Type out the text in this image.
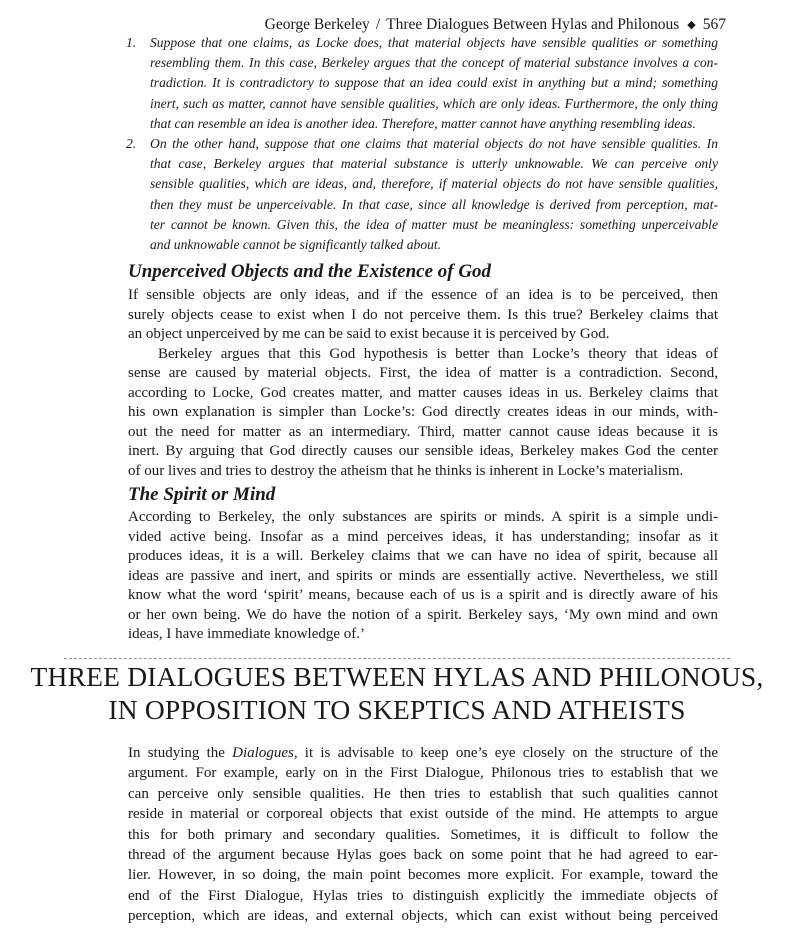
George Berkeley / Three Dialogues Between Hylas and Philonous ◆ 567
1. Suppose that one claims, as Locke does, that material objects have sensible qualities or something
resembling them. In this case, Berkeley argues that the concept of material substance involves a con-
tradiction. It is contradictory to suppose that an idea could exist in anything but a mind; something
inert, such as matter, cannot have sensible qualities, which are only ideas. Furthermore, the only thing
that can resemble an idea is another idea. Therefore, matter cannot have anything resembling ideas.
2. On the other hand, suppose that one claims that material objects do not have sensible qualities. In
that case, Berkeley argues that material substance is utterly unknowable. We can perceive only
sensible qualities, which are ideas, and, therefore, if material objects do not have sensible qualities,
then they must be unperceivable. In that case, since all knowledge is derived from perception, mat-
ter cannot be known. Given this, the idea of matter must be meaningless: something unperceivable
and unknowable cannot be significantly talked about.
Unperceived Objects and the Existence of God
If sensible objects are only ideas, and if the essence of an idea is to be perceived, then
surely objects cease to exist when I do not perceive them. Is this true? Berkeley claims that
an object unperceived by me can be said to exist because it is perceived by God.
Berkeley argues that this God hypothesis is better than Locke’s theory that ideas of
sense are caused by material objects. First, the idea of matter is a contradiction. Second,
according to Locke, God creates matter, and matter causes ideas in us. Berkeley claims that
his own explanation is simpler than Locke’s: God directly creates ideas in our minds, with-
out the need for matter as an intermediary. Third, matter cannot cause ideas because it is
inert. By arguing that God directly causes our sensible ideas, Berkeley makes God the center
of our lives and tries to destroy the atheism that he thinks is inherent in Locke’s materialism.
The Spirit or Mind
According to Berkeley, the only substances are spirits or minds. A spirit is a simple undi-
vided active being. Insofar as a mind perceives ideas, it has understanding; insofar as it
produces ideas, it is a will. Berkeley claims that we can have no idea of spirit, because all
ideas are passive and inert, and spirits or minds are essentially active. Nevertheless, we still
know what the word ‘spirit’ means, because each of us is a spirit and is directly aware of his
or her own being. We do have the notion of a spirit. Berkeley says, ‘My own mind and own
ideas, I have immediate knowledge of.’
THREE DIALOGUES BETWEEN HYLAS AND PHILONOUS,
IN OPPOSITION TO SKEPTICS AND ATHEISTS
In studying the Dialogues, it is advisable to keep one’s eye closely on the structure of the
argument. For example, early on in the First Dialogue, Philonous tries to establish that we
can perceive only sensible qualities. He then tries to establish that such qualities cannot
reside in material or corporeal objects that exist outside of the mind. He attempts to argue
this for both primary and secondary qualities. Sometimes, it is difficult to follow the
thread of the argument because Hylas goes back on some point that he had agreed to ear-
lier. However, in so doing, the main point becomes more explicit. For example, toward the
end of the First Dialogue, Hylas tries to distinguish explicitly the immediate objects of
perception, which are ideas, and external objects, which can exist without being perceived
